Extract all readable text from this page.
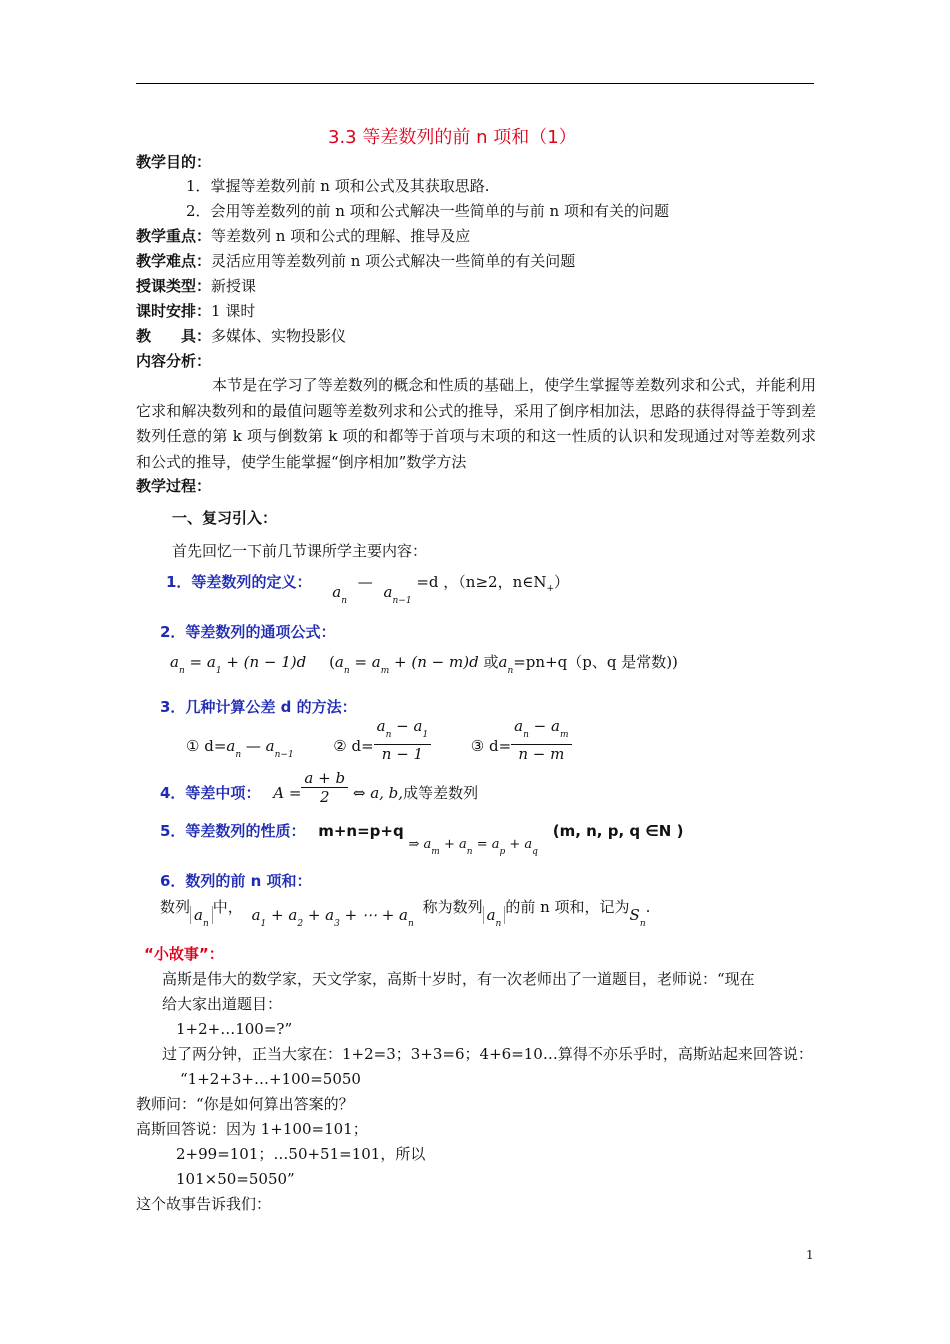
3.3 等差数列的前 n 项和（1）
教学目的：
1．掌握等差数列前 n 项和公式及其获取思路.
2．会用等差数列的前 n 项和公式解决一些简单的与前 n 项和有关的问题
教学重点：等差数列 n 项和公式的理解、推导及应
教学难点：灵活应用等差数列前 n 项公式解决一些简单的有关问题
授课类型：新授课
课时安排：1 课时
教　　具：多媒体、实物投影仪
内容分析：
本节是在学习了等差数列的概念和性质的基础上，使学生掌握等差数列求和公式，并能利用它求和解决数列和的最值问题等差数列求和公式的推导，采用了倒序相加法，思路的获得得益于等到差数列任意的第 k 项与倒数第 k 项的和都等于首项与末项的和这一性质的认识和发现通过对等差数列求和公式的推导，使学生能掌握“倒序相加”数学方法
教学过程：
一、复习引入：
首先回忆一下前几节课所学主要内容：
1．等差数列的定义： $a_n$ — $a_{n-1} =d$ ，（n≥2，$n\in N_+$）
2．等差数列的通项公式：
$a_n = a_1 + (n - 1)d$ ($a_n = a_m + (n - m)d$ 或$a_n=pn+q(p$、q 是常数))
3．几种计算公差 d 的方法：
① $d=a_n$ — $a_{n-1}$	② $d= \frac{a_n - a_1}{n - 1}$	③ $d= \frac{a_n - a_m}{n - m}$
4．等差中项： $A = \frac{a + b}{2}$ ⇔ a, b,成等差数列
5．等差数列的性质： m+n=p+q ⇒ $a_m + a_n = a_p + a_q$ (m, n, p, q ∈N )
6．数列的前 n 项和：
数列 $a_n$中， $a_1 + a_2 + a_3$ + ⋯ + $a_n$ 称为数列 $a_n$的前 n 项和，记为$S_n$.
“小故事”：
高斯是伟大的数学家，天文学家，高斯十岁时，有一次老师出了一道题目，老师说：“现在
给大家出道题目：
1+2+…100=?”
过了两分钟，正当大家在：1+2=3；3+3=6；4+6=10…算得不亦乐乎时，高斯站起来回答说：
“1+2+3+…+100=5050
教师问：“你是如何算出答案的？
高斯回答说：因为 1+100=101；
2+99=101；…50+51=101，所以
101×50=5050”
这个故事告诉我们：
1
